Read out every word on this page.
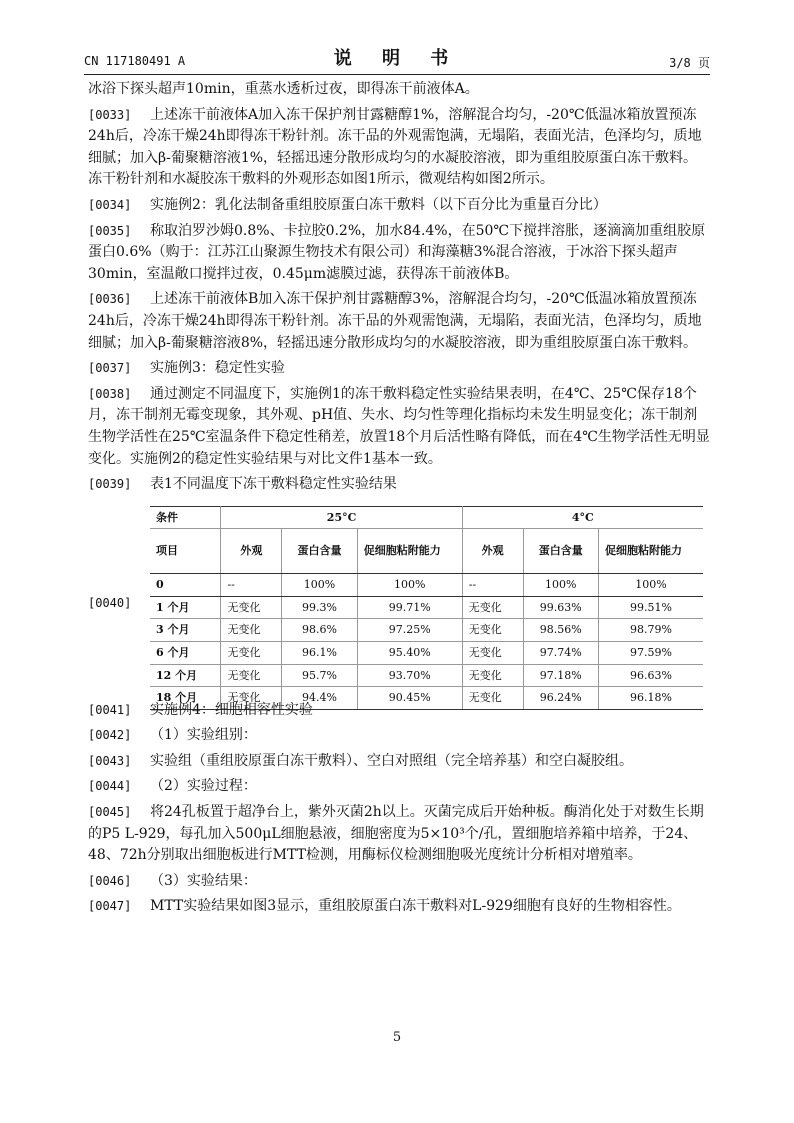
CN 117180491 A	说 明 书	3/8 页
冰浴下探头超声10min，重蒸水透析过夜，即得冻干前液体A。
[0033]	上述冻干前液体A加入冻干保护剂甘露糖醇1%，溶解混合均匀，-20℃低温冰箱放置预冻24h后，冷冻干燥24h即得冻干粉针剂。冻干品的外观需饱满，无塌陷，表面光洁，色泽均匀，质地细腻；加入β-葡聚糖溶液1%，轻摇迅速分散形成均匀的水凝胶溶液，即为重组胶原蛋白冻干敷料。冻干粉针剂和水凝胶冻干敷料的外观形态如图1所示，微观结构如图2所示。
[0034]	实施例2：乳化法制备重组胶原蛋白冻干敷料（以下百分比为重量百分比）
[0035]	称取泊罗沙姆0.8%、卡拉胶0.2%，加水84.4%，在50℃下搅拌溶胀，逐滴滴加重组胶原蛋白0.6%（购于：江苏江山聚源生物技术有限公司）和海藻糖3%混合溶液，于冰浴下探头超声30min，室温敞口搅拌过夜，0.45μm滤膜过滤，获得冻干前液体B。
[0036]	上述冻干前液体B加入冻干保护剂甘露糖醇3%，溶解混合均匀，-20℃低温冰箱放置预冻24h后，冷冻干燥24h即得冻干粉针剂。冻干品的外观需饱满，无塌陷，表面光洁，色泽均匀，质地细腻；加入β-葡聚糖溶液8%，轻摇迅速分散形成均匀的水凝胶溶液，即为重组胶原蛋白冻干敷料。
[0037]	实施例3：稳定性实验
[0038]	通过测定不同温度下，实施例1的冻干敷料稳定性实验结果表明，在4℃、25℃保存18个月，冻干制剂无霉变现象，其外观、pH值、失水、均匀性等理化指标均未发生明显变化；冻干制剂生物学活性在25℃室温条件下稳定性稍差，放置18个月后活性略有降低，而在4℃生物学活性无明显变化。实施例2的稳定性实验结果与对比文件1基本一致。
[0039]	表1不同温度下冻干敷料稳定性实验结果
[0040]
条件	25°C			4°C		
项目	外观	蛋白含量	促细胞粘附能力	外观	蛋白含量	促细胞粘附能力
0	--	100%	100%	--	100%	100%
1 个月	无变化	99.3%	99.71%	无变化	99.63%	99.51%
3 个月	无变化	98.6%	97.25%	无变化	98.56%	98.79%
6 个月	无变化	96.1%	95.40%	无变化	97.74%	97.59%
12 个月	无变化	95.7%	93.70%	无变化	97.18%	96.63%
18 个月	无变化	94.4%	90.45%	无变化	96.24%	96.18%
[0041]	实施例4：细胞相容性实验
[0042]	（1）实验组别：
[0043]	实验组（重组胶原蛋白冻干敷料）、空白对照组（完全培养基）和空白凝胶组。
[0044]	（2）实验过程：
[0045]	将24孔板置于超净台上，紫外灭菌2h以上。灭菌完成后开始种板。酶消化处于对数生长期的P5 L-929，每孔加入500μL细胞悬液，细胞密度为5×10³个/孔，置细胞培养箱中培养，于24、48、72h分别取出细胞板进行MTT检测，用酶标仪检测细胞吸光度统计分析相对增殖率。
[0046]	（3）实验结果：
[0047]	MTT实验结果如图3显示，重组胶原蛋白冻干敷料对L-929细胞有良好的生物相容性。
5
